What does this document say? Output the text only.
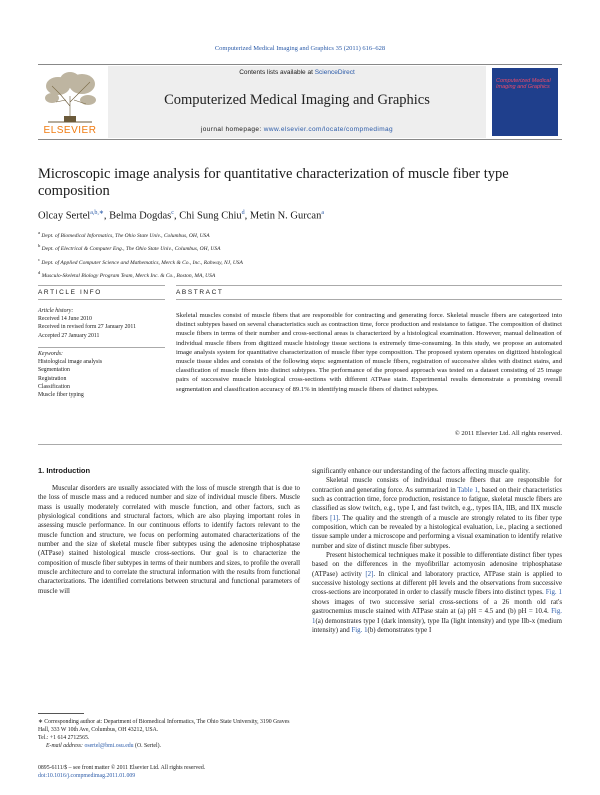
Computerized Medical Imaging and Graphics 35 (2011) 616–628
ELSEVIER
Contents lists available at ScienceDirect
Computerized Medical Imaging and Graphics
journal homepage: www.elsevier.com/locate/compmedimag
Computerized Medical Imaging and Graphics
Microscopic image analysis for quantitative characterization of muscle fiber type composition
Olcay Sertel$^{a,b,∗}$, Belma Dogdas$^c$, Chi Sung Chiu$^d$, Metin N. Gurcan$^a$
$^a$ Dept. of Biomedical Informatics, The Ohio State Univ., Columbus, OH, USA
$^b$ Dept. of Electrical & Computer Eng., The Ohio State Univ., Columbus, OH, USA
$^c$ Dept. of Applied Computer Science and Mathematics, Merck & Co., Inc., Rahway, NJ, USA
$^d$ Musculo-Skeletal Biology Program Team, Merck Inc. & Co., Boston, MA, USA
ARTICLE INFO	ABSTRACT
Article history:
Received 14 June 2010
Received in revised form 27 January 2011
Accepted 27 January 2011
Keywords:
Histological image analysis
Segmentation
Registration
Classification
Muscle fiber typing
Skeletal muscles consist of muscle fibers that are responsible for contracting and generating force. Skeletal muscle fibers are categorized into distinct subtypes based on several characteristics such as contraction time, force production and resistance to fatigue. The composition of distinct muscle fibers in terms of their number and cross-sectional areas is characterized by a histological examination. However, manual delineation of individual muscle fibers from digitized muscle histology tissue sections is extremely time-consuming. In this study, we propose an automated image analysis system for quantitative characterization of muscle fiber type composition. The proposed system operates on digitized histological muscle tissue slides and consists of the following steps: segmentation of muscle fibers, registration of successive slides with distinct stains, and classification of muscle fibers into distinct subtypes. The performance of the proposed approach was tested on a dataset consisting of 25 image pairs of successive muscle histological cross-sections with different ATPase stain. Experimental results demonstrate a promising overall segmentation and classification accuracy of 89.1% in identifying muscle fibers of distinct subtypes.
© 2011 Elsevier Ltd. All rights reserved.
1. Introduction

Muscular disorders are usually associated with the loss of muscle strength that is due to the loss of muscle mass and a reduced number and size of individual muscle fibers. Muscle mass is usually moderately correlated with muscle function, and other factors, such as physiological conditions and structural factors, which are also playing important roles in assessing muscle performance. In our continuous efforts to identify factors relevant to the muscle function and structure, we focus on performing automated characterizations of the number and the size of skeletal muscle fiber subtypes using the adenosine triphosphatase (ATPase) stained histological muscle cross-sections. Our goal is to characterize the composition of muscle fiber subtypes in terms of their numbers and sizes, to profile the overall muscle architecture and to correlate the structural information with the results from functional characterizations. The identified correlations between structural and functional parameters of muscle will

significantly enhance our understanding of the factors affecting muscle quality.

Skeletal muscle consists of individual muscle fibers that are responsible for contraction and generating force. As summarized in Table 1, based on their characteristics such as contraction time, force production, resistance to fatigue, skeletal muscle fibers are classified as slow twitch, e.g., type I, and fast twitch, e.g., types IIA, IIB, and IIX muscle fibers [1]. The quality and the strength of a muscle are strongly related to its fiber type composition, which can be revealed by a histological evaluation, i.e., placing a sectioned tissue sample under a microscope and performing a visual examination to identify relative number and size of distinct muscle fiber subtypes.

Present histochemical techniques make it possible to differentiate distinct fiber types based on the differences in the myofibrillar actomyosin adenosine triphosphatase (ATPase) activity [2]. In clinical and laboratory practice, ATPase stain is applied to successive histology sections at different pH levels and the observations from successive cross-sections are incorporated in order to classify muscle fibers into distinct types. Fig. 1 shows images of two successive serial cross-sections of a 26 month old rat's gastrocnemius muscle stained with ATPase stain at (a) pH = 4.5 and (b) pH = 10.4. Fig. 1(a) demonstrates type I (dark intensity), type IIa (light intensity) and type IIb-x (medium intensity) and Fig. 1(b) demonstrates type I

∗ Corresponding author at: Department of Biomedical Informatics, The Ohio State University, 3190 Graves Hall, 333 W 10th Ave, Columbus, OH 43212, USA.
Tel.: +1 614 2712565.
E-mail address: osertel@bmi.osu.edu (O. Sertel).
0895-6111/$ – see front matter © 2011 Elsevier Ltd. All rights reserved.
doi:10.1016/j.compmedimag.2011.01.009
